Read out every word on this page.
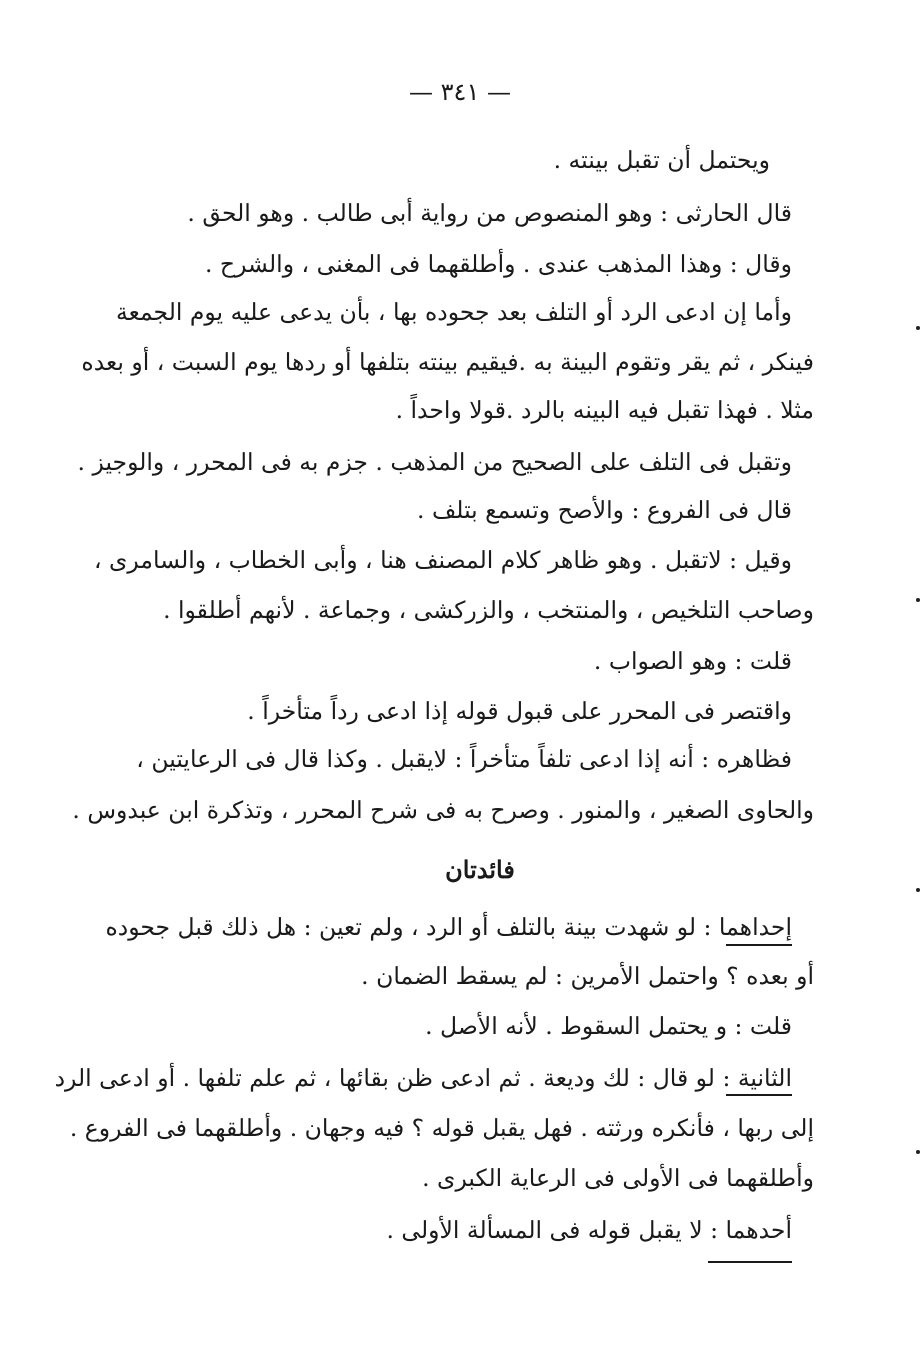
— ٣٤١ —
ويحتمل أن تقبل بينته .
قال الحارثى : وهو المنصوص من رواية أبى طالب . وهو الحق .
وقال : وهذا المذهب عندى . وأطلقهما فى المغنى ، والشرح .
وأما إن ادعى الرد أو التلف بعد جحوده بها ، بأن يدعى عليه يوم الجمعة
فينكر ، ثم يقر وتقوم البينة به .فيقيم بينته بتلفها أو ردها يوم السبت ، أو بعده
مثلا . فهذا تقبل فيه البينه بالرد .قولا واحداً .
وتقبل فى التلف على الصحيح من المذهب . جزم به فى المحرر ، والوجيز .
قال فى الفروع : والأصح وتسمع بتلف .
وقيل : لاتقبل . وهو ظاهر كلام المصنف هنا ، وأبى الخطاب ، والسامرى ،
وصاحب التلخيص ، والمنتخب ، والزركشى ، وجماعة . لأنهم أطلقوا .
قلت : وهو الصواب .
واقتصر فى المحرر على قبول قوله إذا ادعى رداً متأخراً .
فظاهره : أنه إذا ادعى تلفاً متأخراً : لايقبل . وكذا قال فى الرعايتين ،
والحاوى الصغير ، والمنور . وصرح به فى شرح المحرر ، وتذكرة ابن عبدوس .
فائدتان
إحداهما : لو شهدت بينة بالتلف أو الرد ، ولم تعين : هل ذلك قبل جحوده
أو بعده ؟ واحتمل الأمرين : لم يسقط الضمان .
قلت : و يحتمل السقوط . لأنه الأصل .
الثانية : لو قال : لك وديعة . ثم ادعى ظن بقائها ، ثم علم تلفها . أو ادعى الرد
إلى ربها ، فأنكره ورثته . فهل يقبل قوله ؟ فيه وجهان . وأطلقهما فى الفروع .
وأطلقهما فى الأولى فى الرعاية الكبرى .
أحدهما : لا يقبل قوله فى المسألة الأولى .
